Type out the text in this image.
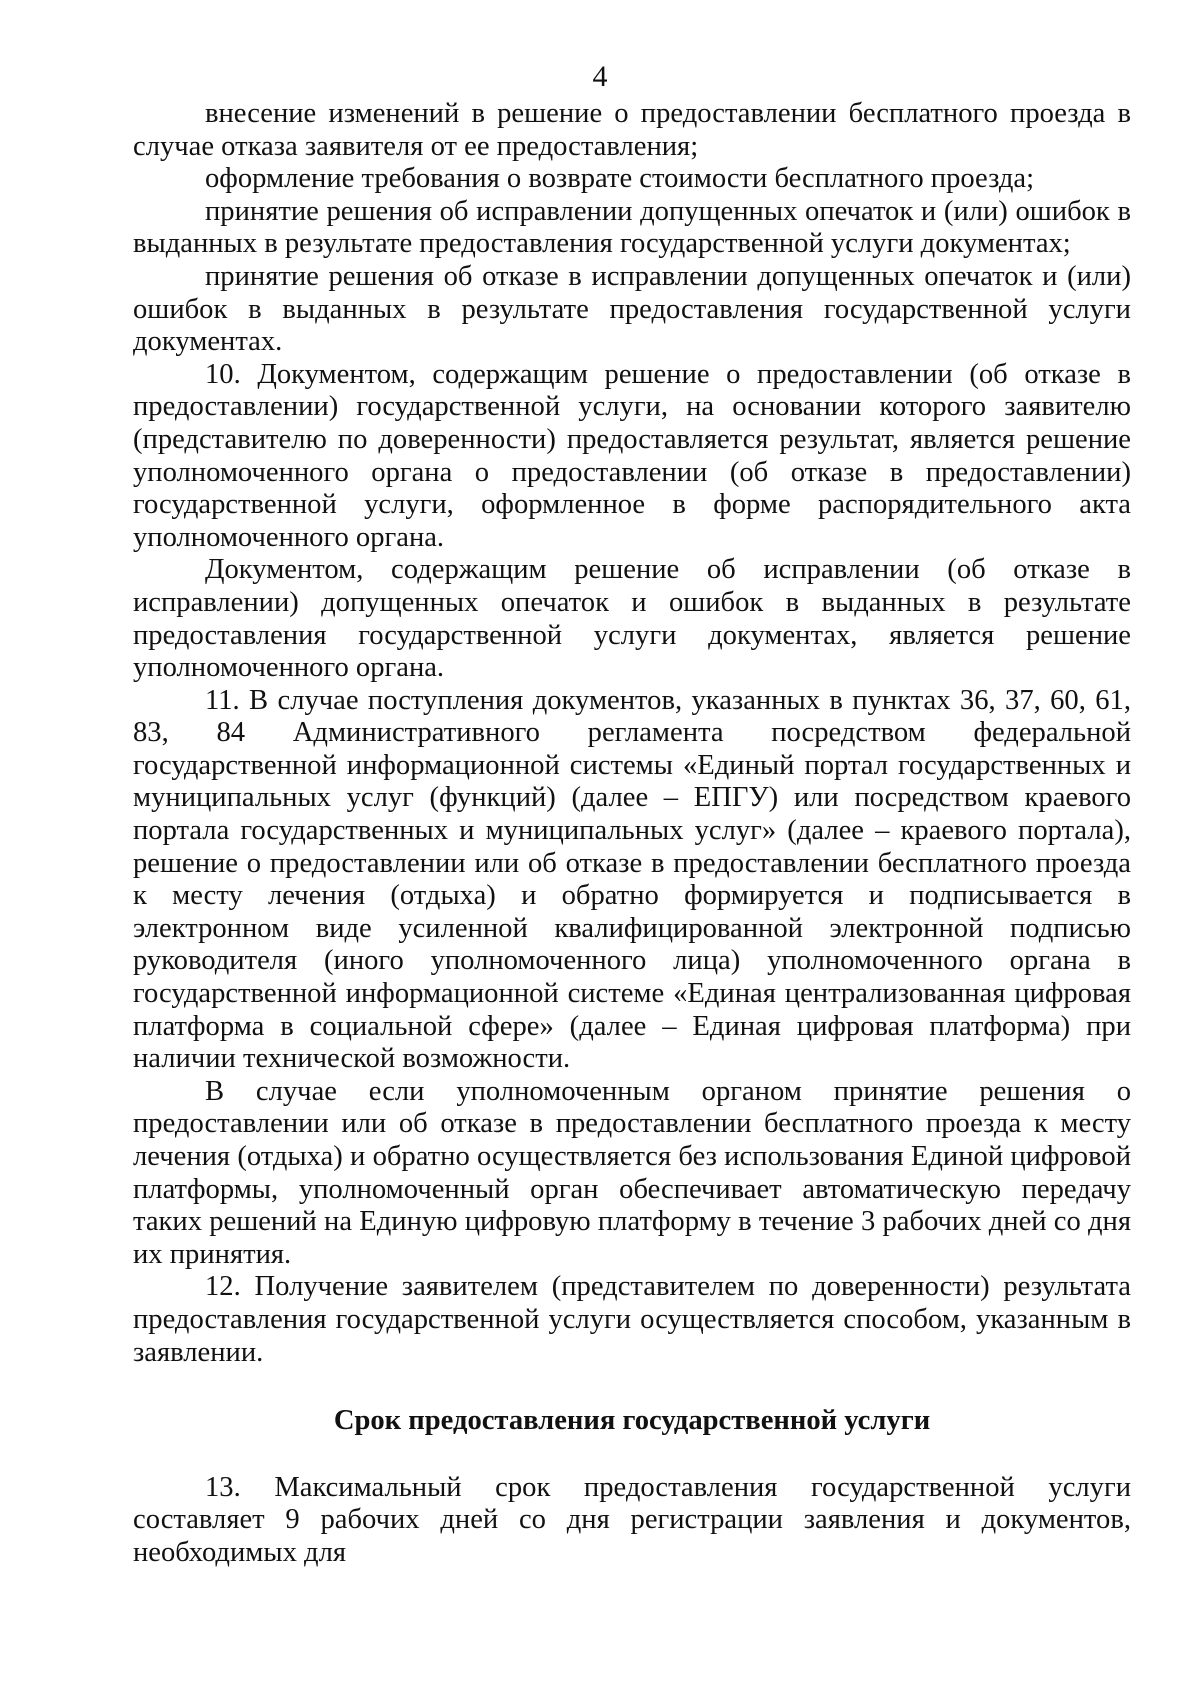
4

внесение изменений в решение о предоставлении бесплатного проезда в случае отказа заявителя от ее предоставления;

оформление требования о возврате стоимости бесплатного проезда;

принятие решения об исправлении допущенных опечаток и (или) ошибок в выданных в результате предоставления государственной услуги документах;

принятие решения об отказе в исправлении допущенных опечаток и (или) ошибок в выданных в результате предоставления государственной услуги документах.

10. Документом, содержащим решение о предоставлении (об отказе в предоставлении) государственной услуги, на основании которого заявителю (представителю по доверенности) предоставляется результат, является решение уполномоченного органа о предоставлении (об отказе в предоставлении) государственной услуги, оформленное в форме распорядительного акта уполномоченного органа.

Документом, содержащим решение об исправлении (об отказе в исправлении) допущенных опечаток и ошибок в выданных в результате предоставления государственной услуги документах, является решение уполномоченного органа.

11. В случае поступления документов, указанных в пунктах 36, 37, 60, 61, 83, 84 Административного регламента посредством федеральной государственной информационной системы «Единый портал государственных и муниципальных услуг (функций) (далее – ЕПГУ) или посредством краевого портала государственных и муниципальных услуг» (далее – краевого портала), решение о предоставлении или об отказе в предоставлении бесплатного проезда к месту лечения (отдыха) и обратно формируется и подписывается в электронном виде усиленной квалифицированной электронной подписью руководителя (иного уполномоченного лица) уполномоченного органа в государственной информационной системе «Единая централизованная цифровая платформа в социальной сфере» (далее – Единая цифровая платформа) при наличии технической возможности.

В случае если уполномоченным органом принятие решения о предоставлении или об отказе в предоставлении бесплатного проезда к месту лечения (отдыха) и обратно осуществляется без использования Единой цифровой платформы, уполномоченный орган обеспечивает автоматическую передачу таких решений на Единую цифровую платформу в течение 3 рабочих дней со дня их принятия.

12. Получение заявителем (представителем по доверенности) результата предоставления государственной услуги осуществляется способом, указанным в заявлении.

Срок предоставления государственной услуги

13. Максимальный срок предоставления государственной услуги составляет 9 рабочих дней со дня регистрации заявления и документов, необходимых для
